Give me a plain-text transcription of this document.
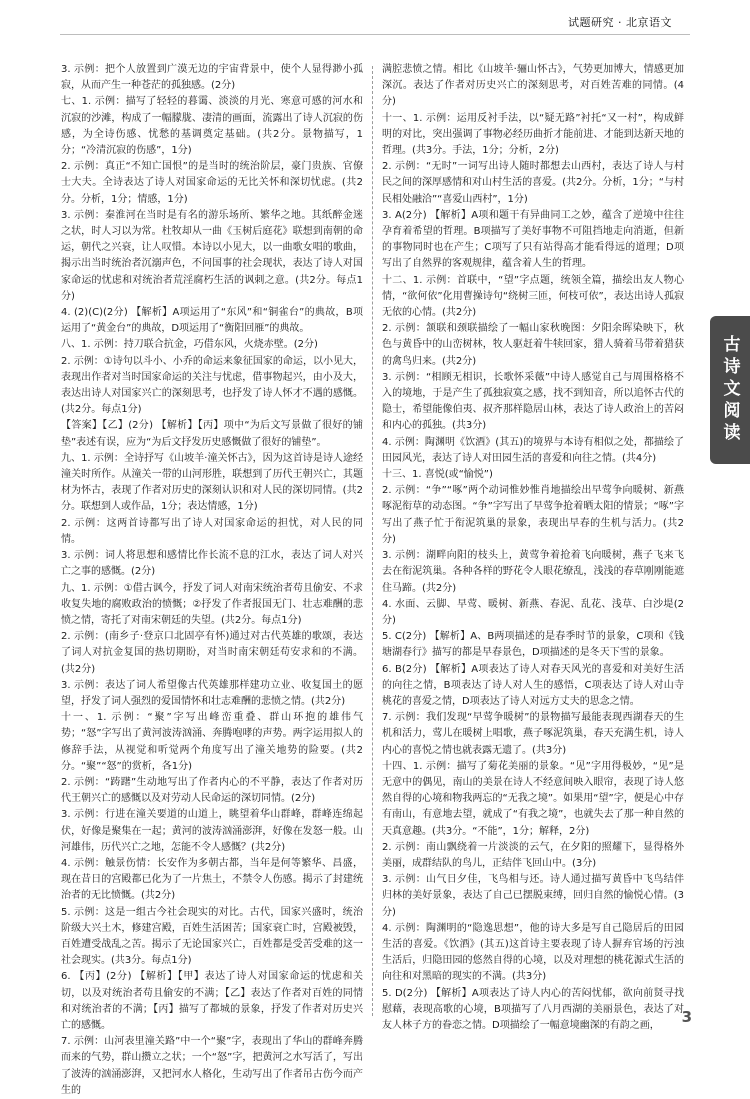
试题研究 · 北京语文

3. 示例：把个人放置到广漠无边的宇宙背景中，使个人显得渺小孤寂，从而产生一种苍茫的孤独感。(2分)

七、1. 示例：描写了轻轻的暮霭、淡淡的月光、寒意可感的河水和沉寂的沙滩，构成了一幅朦胧、凄清的画面，流露出了诗人沉寂的伤感，为全诗伤感、忧愁的基调奠定基础。(共2分。景物描写，1分；“冷清沉寂的伤感”，1分)

2. 示例：真正“不知亡国恨”的是当时的统治阶层，豪门贵族、官僚士大夫。全诗表达了诗人对国家命运的无比关怀和深切忧虑。(共2分。分析，1分；情感，1分)

3. 示例：秦淮河在当时是有名的游乐场所、繁华之地。其纸醉金迷之状，时人习以为常。杜牧却从一曲《玉树后庭花》联想到南朝的命运，朝代之兴衰，让人叹惜。本诗以小见大，以一曲歌女唱的歌曲，揭示出当时统治者沉溺声色，不问国事的社会现状，表达了诗人对国家命运的忧虑和对统治者荒淫腐朽生活的讽刺之意。(共2分。每点1分)

4. (2)(C)(2分) 【解析】A项运用了“东风”和“铜雀台”的典故，B项运用了“黄金台”的典故，D项运用了“衡阳回雁”的典故。

八、1. 示例：持刀联合抗金，巧借东风，火烧赤壁。(2分)

2. 示例：①诗句以斗小、小乔的命运来象征国家的命运，以小见大，表现出作者对当时国家命运的关注与忧虑，借事物起兴，由小及大，表达出诗人对国家兴亡的深刻思考，也抒发了诗人怀才不遇的感慨。(共2分。每点1分)

【答案】【乙】(2分) 【解析】【丙】项中“为后文写景做了很好的铺垫”表述有误，应为“为后文抒发历史感慨做了很好的铺垫”。

九、1. 示例：全诗抒写《山坡羊·潼关怀古》，因为这首诗是诗人途经潼关时所作。从潼关一带的山河形胜，联想到了历代王朝兴亡，其题材为怀古，表现了作者对历史的深刻认识和对人民的深切同情。(共2分。联想到人或作品，1分；表达情感，1分)

2. 示例：这两首诗都写出了诗人对国家命运的担忧，对人民的同情。

3. 示例：词人将思想和感情比作长流不息的江水，表达了词人对兴亡之事的感慨。(2分)

九、1. 示例：①借古讽今，抒发了词人对南宋统治者苟且偷安、不求收复失地的腐败政治的愤慨；②抒发了作者报国无门、壮志难酬的悲愤之情，寄托了对南宋朝廷的失望。(共2分。每点1分)

2. 示例：(南乡子·登京口北固亭有怀)通过对古代英雄的歌颂，表达了词人对抗金复国的热切期盼，对当时南宋朝廷苟安求和的不满。(共2分)

3. 示例：表达了词人希望像古代英雄那样建功立业、收复国土的愿望，抒发了词人强烈的爱国情怀和壮志难酬的悲愤之情。(共2分)

十一、1. 示例：“聚”字写出峰峦重叠、群山环抱的雄伟气势；“怒”字写出了黄河波涛汹涌、奔腾咆哮的声势。两字运用拟人的修辞手法，从视觉和听觉两个角度写出了潼关地势的险要。(共2分。“聚”“怒”的赏析，各1分)

2. 示例：“踌躇”生动地写出了作者内心的不平静，表达了作者对历代王朝兴亡的感慨以及对劳动人民命运的深切同情。(2分)

3. 示例：行进在潼关要道的山道上，眺望着华山群峰，群峰连绵起伏，好像是聚集在一起；黄河的波涛汹涌澎湃，好像在发怒一般。山河雄伟，历代兴亡之地，怎能不令人感慨？(共2分)

4. 示例：触景伤情：长安作为多朝古都，当年是何等繁华、昌盛，现在昔日的宫殿都已化为了一片焦土，不禁令人伤感。揭示了封建统治者的无比愤慨。(共2分)

5. 示例：这是一组古今社会现实的对比。古代，国家兴盛时，统治阶级大兴土木，修建宫殿，百姓生活困苦；国家衰亡时，宫殿被毁，百姓遭受战乱之苦。揭示了无论国家兴亡，百姓都是受苦受难的这一社会现实。(共3分。每点1分)

6. 【丙】(2分) 【解析】【甲】表达了诗人对国家命运的忧虑和关切，以及对统治者苟且偷安的不满；【乙】表达了作者对百姓的同情和对统治者的不满；【丙】描写了都城的景象，抒发了作者对历史兴亡的感慨。

7. 示例：山河表里潼关路”中一个“聚”字，表现出了华山的群峰奔腾而来的气势，群山攒立之状；一个“怒”字，把黄河之水写活了，写出了波涛的汹涌澎湃，又把河水人格化，生动写出了作者吊古伤今而产生的

满腔悲愤之情。相比《山坡羊·骊山怀古》，气势更加博大，情感更加深沉。表达了作者对历史兴亡的深刻思考，对百姓苦难的同情。(4分)

十一、1. 示例：运用反衬手法，以“疑无路”衬托“又一村”，构成鲜明的对比，突出强调了事物必经历曲折才能前进、才能到达新天地的哲理。(共3分。手法，1分；分析，2分)

2. 示例：“无时”一词写出诗人随时都想去山西村，表达了诗人与村民之间的深厚感情和对山村生活的喜爱。(共2分。分析，1分；“与村民相处融洽”“喜爱山西村”，1分)

3. A(2分) 【解析】A项和题干有异曲同工之妙，蕴含了逆境中往往孕育着希望的哲理。B项描写了美好事物不可阻挡地走向消逝，但新的事物同时也在产生；C项写了只有站得高才能看得远的道理；D项写出了自然界的客观规律，蕴含着人生的哲理。

十二、1. 示例：首联中，“望”字点题，统领全篇，描绘出友人物心情，“欲何依”化用曹操诗句“绕树三匝，何枝可依”，表达出诗人孤寂无依的心情。(共2分)

2. 示例：颔联和颈联描绘了一幅山家秋晚图：夕阳余晖染映下，秋色与黄昏中的山峦树林，牧人驱赶着牛犊回家，猎人骑着马带着猎获的禽鸟归来。(共2分)

3. 示例：“相顾无相识，长歌怀采薇”中诗人感觉自己与周围格格不入的境地，于是产生了孤独寂寞之感，找不到知音，所以追怀古代的隐士，希望能像伯夷、叔齐那样隐居山林，表达了诗人政治上的苦闷和内心的孤独。(共3分)

4. 示例：陶渊明《饮酒》(其五)的境界与本诗有相似之处，都描绘了田园风光，表达了诗人对田园生活的喜爱和向往之情。(共4分)

十三、1. 喜悦(或“愉悦”)

2. 示例：“争”“啄”两个动词惟妙惟肖地描绘出早莺争向暖树、新燕啄泥衔草的动态图。“争”字写出了早莺争抢着晒太阳的情景；“啄”字写出了燕子忙于衔泥筑巢的景象，表现出早春的生机与活力。(共2分)

3. 示例：湖畔向阳的枝头上，黄莺争着抢着飞向暖树，燕子飞来飞去在衔泥筑巢。各种各样的野花令人眼花缭乱，浅浅的春草刚刚能遮住马蹄。(共2分)

4. 水面、云脚、早莺、暖树、新燕、春泥、乱花、浅草、白沙堤(2分)

5. C(2分) 【解析】A、B两项描述的是春季时节的景象，C项和《钱塘湖春行》描写的都是早春景色，D项描述的是冬天下雪的景象。

6. B(2分) 【解析】A项表达了诗人对春天风光的喜爱和对美好生活的向往之情，B项表达了诗人对人生的感悟，C项表达了诗人对山寺桃花的喜爱之情，D项表达了诗人对远方丈夫的思念之情。

7. 示例：我们发现“早莺争暖树”的景物描写最能表现西湖春天的生机和活力，莺儿在暖树上唱歌，燕子啄泥筑巢，春天充满生机，诗人内心的喜悦之情也就表露无遗了。(共3分)

十四、1. 示例：描写了菊花美丽的景象。“见”字用得极妙，“见”是无意中的偶见，南山的美景在诗人不经意间映入眼帘，表现了诗人悠然自得的心境和物我两忘的“无我之境”。如果用“望”字，便是心中存有南山，有意地去望，就成了“有我之境”，也就失去了那一种自然的天真意趣。(共3分。“不能”，1分；解释，2分)

2. 示例：南山飘绕着一片淡淡的云气，在夕阳的照耀下，显得格外美丽，成群结队的鸟儿，正结伴飞回山中。(3分)

3. 示例：山气日夕佳，飞鸟相与还。诗人通过描写黄昏中飞鸟结伴归林的美好景象，表达了自己已摆脱束缚，回归自然的愉悦心情。(3分)

4. 示例：陶渊明的“隐逸思想”，他的诗大多是写自己隐居后的田园生活的喜爱。《饮酒》(其五)这首诗主要表现了诗人摒弃官场的污浊生活后，归隐田园的悠然自得的心境，以及对理想的桃花源式生活的向往和对黑暗的现实的不满。(共3分)

5. D(2分) 【解析】A项表达了诗人内心的苦闷忧郁，欲向前贤寻找慰藉，表现高歌的心境，B项描写了八月西湖的美丽景色，表达了对友人林子方的眷恋之情。D项描绘了一幅意境幽深的有韵之画，

古诗文阅读
3
